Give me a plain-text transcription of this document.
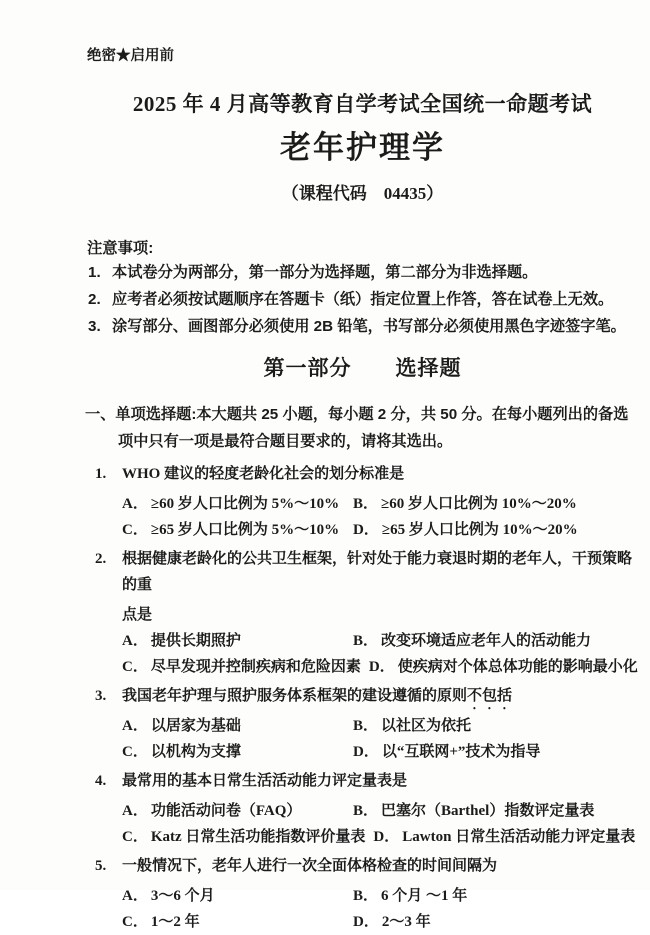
绝密★启用前
2025 年 4 月高等教育自学考试全国统一命题考试
老年护理学
（课程代码　04435）
注意事项:
1. 本试卷分为两部分，第一部分为选择题，第二部分为非选择题。
2. 应考者必须按试题顺序在答题卡（纸）指定位置上作答，答在试卷上无效。
3. 涂写部分、画图部分必须使用 2B 铅笔，书写部分必须使用黑色字迹签字笔。
第一部分　　选择题
一、单项选择题:本大题共 25 小题，每小题 2 分，共 50 分。在每小题列出的备选项中只有一项是最符合题目要求的，请将其选出。
1. WHO 建议的轻度老龄化社会的划分标准是
A． ≥60 岁人口比例为 5%～10% B． ≥60 岁人口比例为 10%～20%
C． ≥65 岁人口比例为 5%～10% D． ≥65 岁人口比例为 10%～20%
2. 根据健康老龄化的公共卫生框架，针对处于能力衰退时期的老年人，干预策略的重
点是
A． 提供长期照护	B． 改变环境适应老年人的活动能力
C． 尽早发现并控制疾病和危险因素 D． 使疾病对个体总体功能的影响最小化
3. 我国老年护理与照护服务体系框架的建设遵循的原则不包括
A． 以居家为基础	B． 以社区为依托
C． 以机构为支撑	D． 以“互联网+”技术为指导
4. 最常用的基本日常生活活动能力评定量表是
A． 功能活动问卷（FAQ）	B． 巴塞尔（Barthel）指数评定量表
C． Katz 日常生活功能指数评价量表 D． Lawton 日常生活活动能力评定量表
5. 一般情况下，老年人进行一次全面体格检查的时间间隔为
A． 3～6 个月	B． 6 个月 ～1 年
C． 1～2 年	D． 2～3 年
